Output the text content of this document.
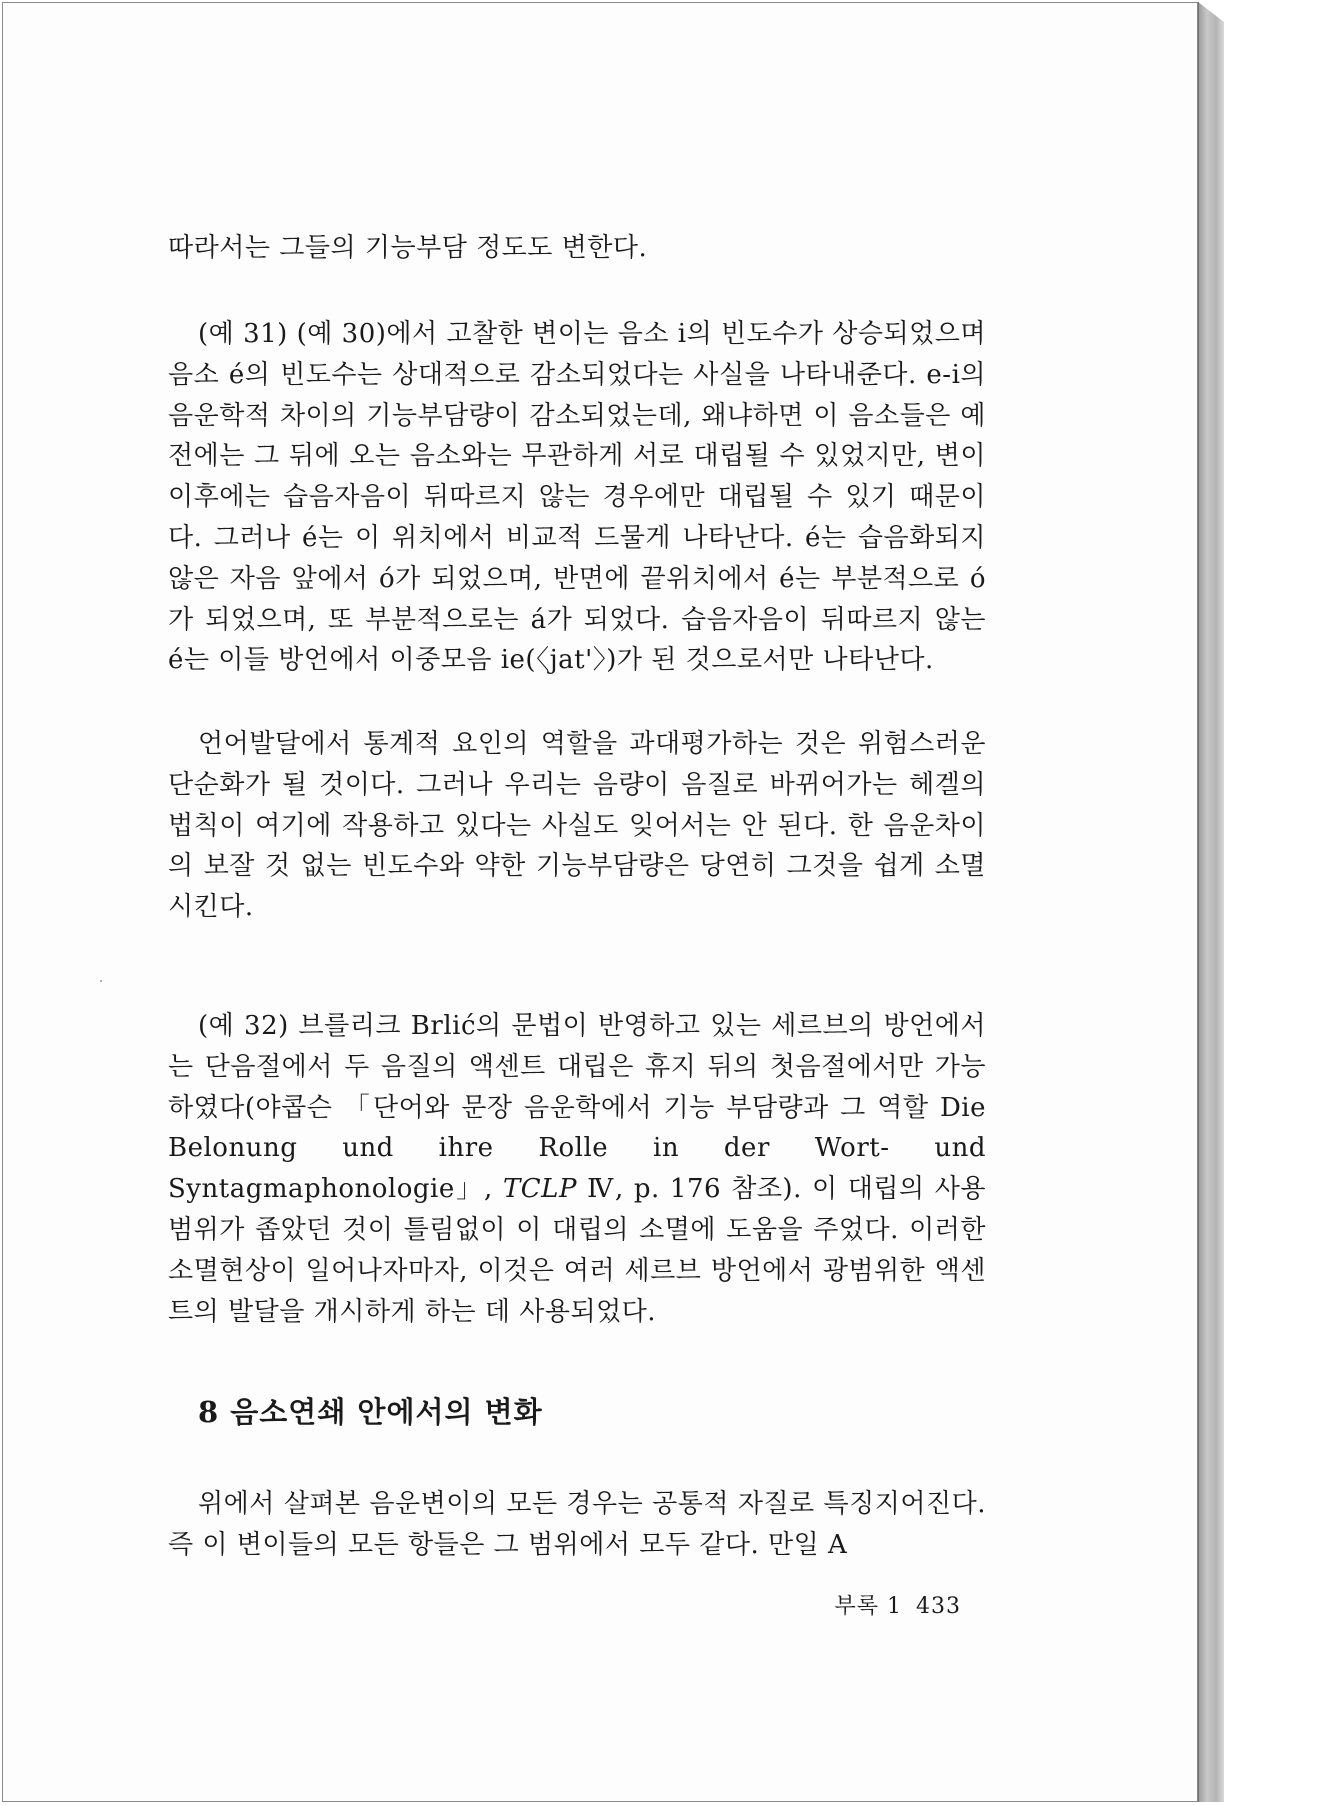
따라서는 그들의 기능부담 정도도 변한다.

(예 31) (예 30)에서 고찰한 변이는 음소 i의 빈도수가 상승되었으며 음소 é의 빈도수는 상대적으로 감소되었다는 사실을 나타내준다. e-i의 음운학적 차이의 기능부담량이 감소되었는데, 왜냐하면 이 음소들은 예전에는 그 뒤에 오는 음소와는 무관하게 서로 대립될 수 있었지만, 변이 이후에는 습음자음이 뒤따르지 않는 경우에만 대립될 수 있기 때문이다. 그러나 é는 이 위치에서 비교적 드물게 나타난다. é는 습음화되지 않은 자음 앞에서 ó가 되었으며, 반면에 끝위치에서 é는 부분적으로 ó가 되었으며, 또 부분적으로는 á가 되었다. 습음자음이 뒤따르지 않는 é는 이들 방언에서 이중모음 ie(〈jat'〉)가 된 것으로서만 나타난다.

언어발달에서 통계적 요인의 역할을 과대평가하는 것은 위험스러운 단순화가 될 것이다. 그러나 우리는 음량이 음질로 바뀌어가는 헤겔의 법칙이 여기에 작용하고 있다는 사실도 잊어서는 안 된다. 한 음운차이의 보잘 것 없는 빈도수와 약한 기능부담량은 당연히 그것을 쉽게 소멸시킨다.

(예 32) 브를리크 Brlić의 문법이 반영하고 있는 세르브의 방언에서는 단음절에서 두 음질의 액센트 대립은 휴지 뒤의 첫음절에서만 가능하였다(야콥슨 「단어와 문장 음운학에서 기능 부담량과 그 역할 Die Belonung und ihre Rolle in der Wort- und Syntagmaphonologie」, TCLP Ⅳ, p. 176 참조). 이 대립의 사용범위가 좁았던 것이 틀림없이 이 대립의 소멸에 도움을 주었다. 이러한 소멸현상이 일어나자마자, 이것은 여러 세르브 방언에서 광범위한 액센트의 발달을 개시하게 하는 데 사용되었다.

8 음소연쇄 안에서의 변화

위에서 살펴본 음운변이의 모든 경우는 공통적 자질로 특징지어진다. 즉 이 변이들의 모든 항들은 그 범위에서 모두 같다. 만일 A

부록 1 433
